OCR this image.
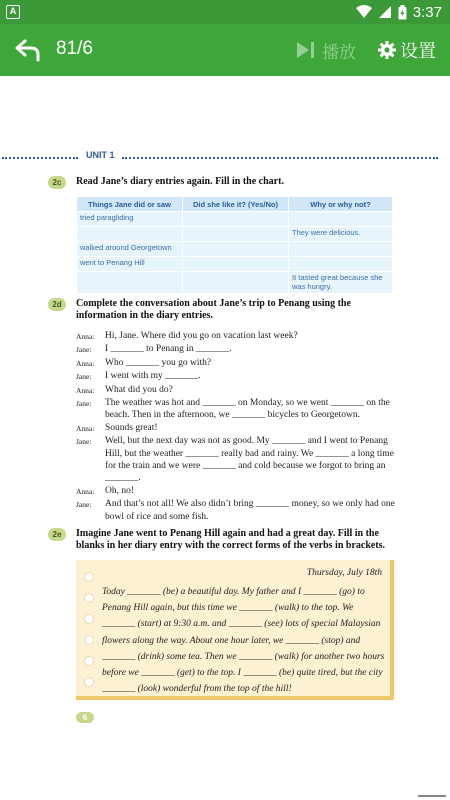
A	3:37
81/6	播放 设置
UNIT 1
2c	Read Jane’s diary entries again. Fill in the chart.
Things Jane did or saw	Did she like it? (Yes/No)	Why or why not?
tried paragliding		
		They were delicious.
walked around Georgetown		
went to Penang Hill		
		It tasted great because she was hungry.
2d	Complete the conversation about Jane’s trip to Penang using the
information in the diary entries.
Anna:	Hi, Jane. Where did you go on vacation last week?
Jane:	I _______ to Penang in _______.
Anna:	Who _______ you go with?
Jane:	I went with my _______.
Anna:	What did you do?
Jane:	The weather was hot and _______ on Monday, so we went _______ on the beach. Then in the afternoon, we _______ bicycles to Georgetown.
Anna:	Sounds great!
Jane:	Well, but the next day was not as good. My _______ and I went to Penang Hill, but the weather _______ really bad and rainy. We _______ a long time for the train and we were _______ and cold because we forgot to bring an _______.
Anna:	Oh, no!
Jane:	And that’s not all! We also didn’t bring _______ money, so we only had one bowl of rice and some fish.
2e	Imagine Jane went to Penang Hill again and had a great day. Fill in the
blanks in her diary entry with the correct forms of the verbs in brackets.
Thursday, July 18th
Today _______ (be) a beautiful day. My father and I _______ (go) to Penang Hill again, but this time we _______ (walk) to the top. We _______ (start) at 9:30 a.m. and _______ (see) lots of special Malaysian flowers along the way. About one hour later, we _______ (stop) and _______ (drink) some tea. Then we _______ (walk) for another two hours before we _______ (get) to the top. I _______ (be) quite tired, but the city _______ (look) wonderful from the top of the hill!
6
